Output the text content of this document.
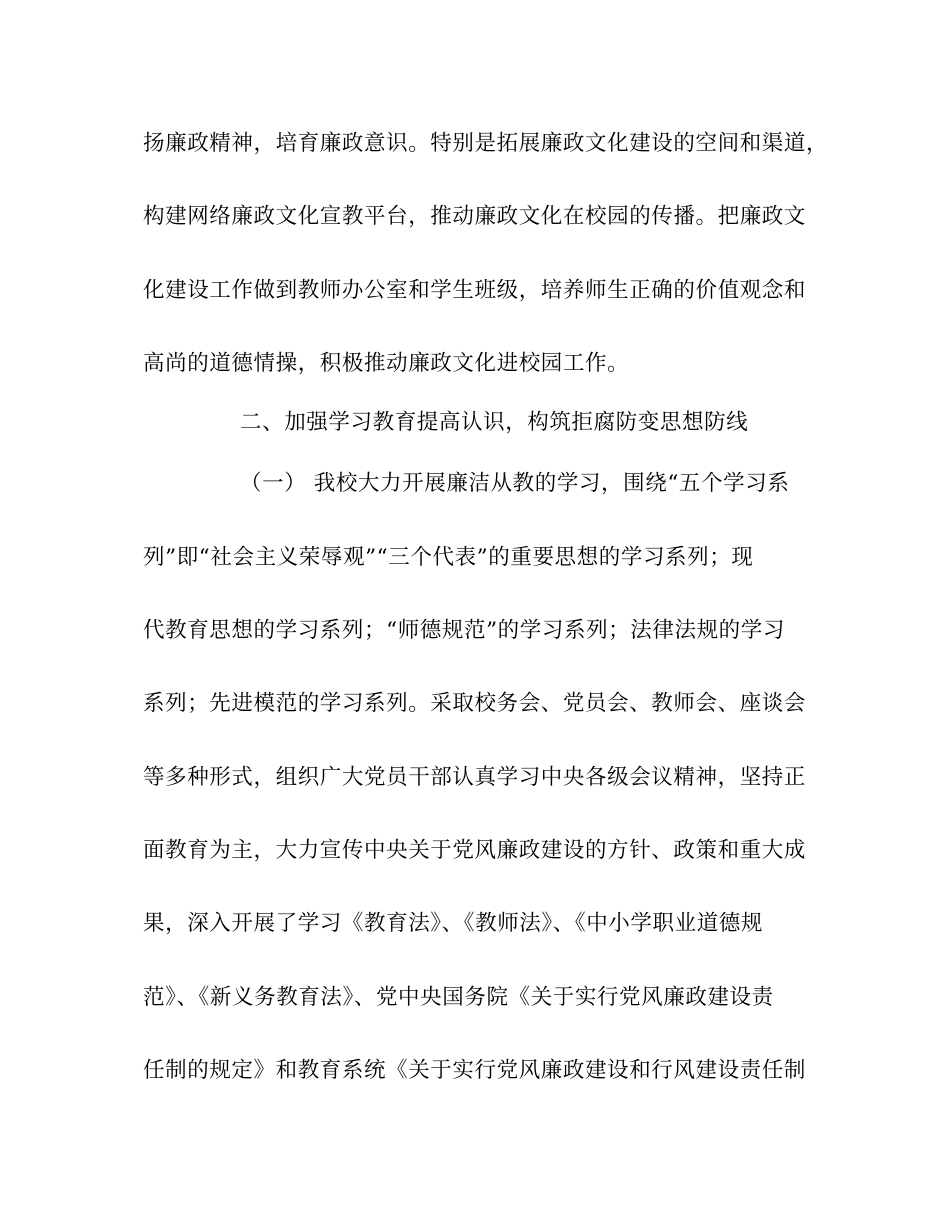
扬廉政精神，培育廉政意识。特别是拓展廉政文化建设的空间和渠道，
构建网络廉政文化宣教平台，推动廉政文化在校园的传播。把廉政文
化建设工作做到教师办公室和学生班级，培养师生正确的价值观念和
高尚的道德情操，积极推动廉政文化进校园工作。
二、加强学习教育提高认识，构筑拒腐防变思想防线
（一） 我校大力开展廉洁从教的学习，围绕“五个学习系
列”即“社会主义荣辱观”“三个代表”的重要思想的学习系列；现
代教育思想的学习系列；“师德规范”的学习系列；法律法规的学习
系列；先进模范的学习系列。采取校务会、党员会、教师会、座谈会
等多种形式，组织广大党员干部认真学习中央各级会议精神，坚持正
面教育为主，大力宣传中央关于党风廉政建设的方针、政策和重大成
果，深入开展了学习《教育法》、《教师法》、《中小学职业道德规
范》、《新义务教育法》、党中央国务院《关于实行党风廉政建设责
任制的规定》和教育系统《关于实行党风廉政建设和行风建设责任制
